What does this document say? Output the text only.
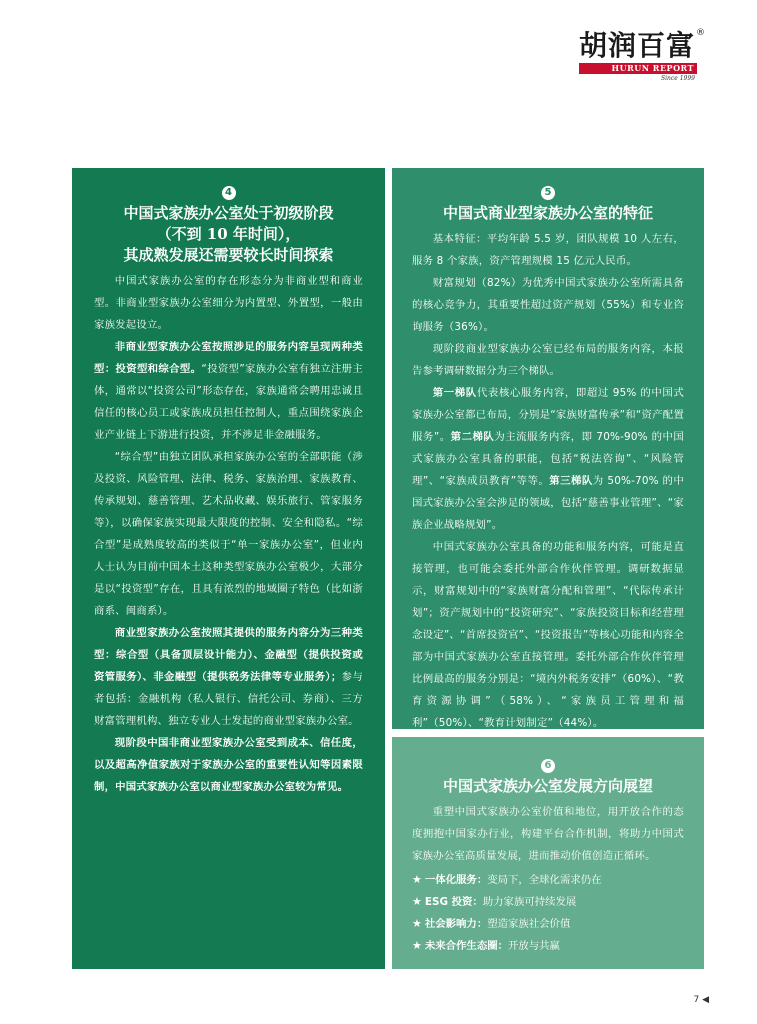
胡润百富 ®
HURUN REPORT
Since 1999
4
中国式家族办公室处于初级阶段
（不到 10 年时间），
其成熟发展还需要较长时间探索

中国式家族办公室的存在形态分为非商业型和商业型。非商业型家族办公室细分为内置型、外置型，一般由家族发起设立。

非商业型家族办公室按照涉足的服务内容呈现两种类型：投资型和综合型。“投资型”家族办公室有独立注册主体，通常以“投资公司”形态存在，家族通常会聘用忠诚且信任的核心员工或家族成员担任控制人，重点围绕家族企业产业链上下游进行投资，并不涉足非金融服务。

“综合型”由独立团队承担家族办公室的全部职能（涉及投资、风险管理、法律、税务、家族治理、家族教育、传承规划、慈善管理、艺术品收藏、娱乐旅行、管家服务等），以确保家族实现最大限度的控制、安全和隐私。“综合型”是成熟度较高的类似于“单一家族办公室”，但业内人士认为目前中国本土这种类型家族办公室极少，大部分是以“投资型”存在，且具有浓烈的地域圈子特色（比如浙商系、闽商系）。

商业型家族办公室按照其提供的服务内容分为三种类型：综合型（具备顶层设计能力）、金融型（提供投资或资管服务）、非金融型（提供税务法律等专业服务）；参与者包括：金融机构（私人银行、信托公司、券商）、三方财富管理机构、独立专业人士发起的商业型家族办公室。

现阶段中国非商业型家族办公室受到成本、信任度，以及超高净值家族对于家族办公室的重要性认知等因素限制，中国式家族办公室以商业型家族办公室较为常见。

5
中国式商业型家族办公室的特征

基本特征：平均年龄 5.5 岁，团队规模 10 人左右，服务 8 个家族，资产管理规模 15 亿元人民币。

财富规划（82%）为优秀中国式家族办公室所需具备的核心竞争力，其重要性超过资产规划（55%）和专业咨询服务（36%）。

现阶段商业型家族办公室已经布局的服务内容，本报告参考调研数据分为三个梯队。

第一梯队代表核心服务内容，即超过 95% 的中国式家族办公室都已布局，分别是“家族财富传承”和“资产配置服务”。第二梯队为主流服务内容，即 70%-90% 的中国式家族办公室具备的职能，包括“税法咨询”、“风险管理”、“家族成员教育”等等。第三梯队为 50%-70% 的中国式家族办公室会涉足的领域，包括“慈善事业管理”、“家族企业战略规划”。

中国式家族办公室具备的功能和服务内容，可能是直接管理，也可能会委托外部合作伙伴管理。调研数据显示，财富规划中的“家族财富分配和管理”、“代际传承计划”；资产规划中的“投资研究”、“家族投资目标和经营理念设定”、“首席投资官”、“投资报告”等核心功能和内容全部为中国式家族办公室直接管理。委托外部合作伙伴管理比例最高的服务分别是：“境内外税务安排”（60%）、“教育资源协调”（58%）、“家族员工管理和福利”（50%）、“教育计划制定”（44%）。

6
中国式家族办公室发展方向展望

重塑中国式家族办公室价值和地位，用开放合作的态度拥抱中国家办行业，构建平台合作机制，将助力中国式家族办公室高质量发展，进而推动价值创造正循环。

★ 一体化服务：变局下，全球化需求仍在
★ ESG 投资：助力家族可持续发展
★ 社会影响力：塑造家族社会价值
★ 未来合作生态圈：开放与共赢
7 ◀
